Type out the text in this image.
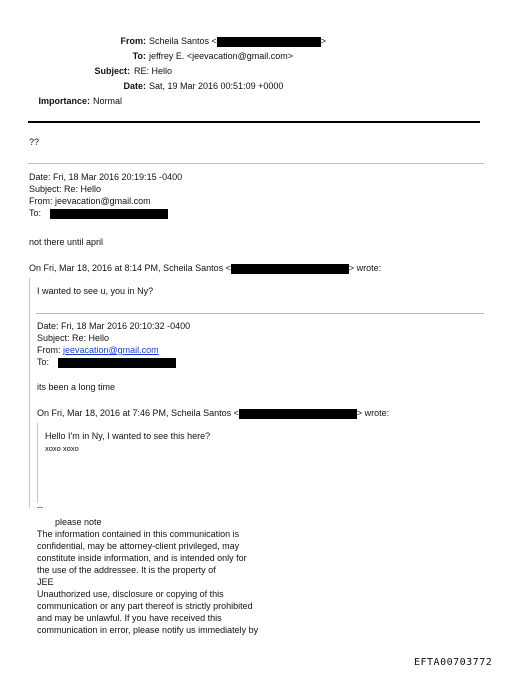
From: Scheila Santos <	>
To: jeffrey E. <jeevacation@gmail.com>
Subject: RE: Hello
Date: Sat, 19 Mar 2016 00:51:09 +0000
Importance: Normal
??
Date: Fri, 18 Mar 2016 20:19:15 -0400
Subject: Re: Hello
From: jeevacation@gmail.com
To:
not there until april
On Fri, Mar 18, 2016 at 8:14 PM, Scheila Santos <	> wrote:
I wanted to see u, you in Ny?
Date: Fri, 18 Mar 2016 20:10:32 -0400
Subject: Re: Hello
From: jeevacation@gmail.com
To:
its been a long time
On Fri, Mar 18, 2016 at 7:46 PM, Scheila Santos <	> wrote:
Hello I'm in Ny, I wanted to see this here?
xoxo xoxo
--
please note
The information contained in this communication is
confidential, may be attorney-client privileged, may
constitute inside information, and is intended only for
the use of the addressee. It is the property of
JEE
Unauthorized use, disclosure or copying of this
communication or any part thereof is strictly prohibited
and may be unlawful. If you have received this
communication in error, please notify us immediately by
EFTA00703772
